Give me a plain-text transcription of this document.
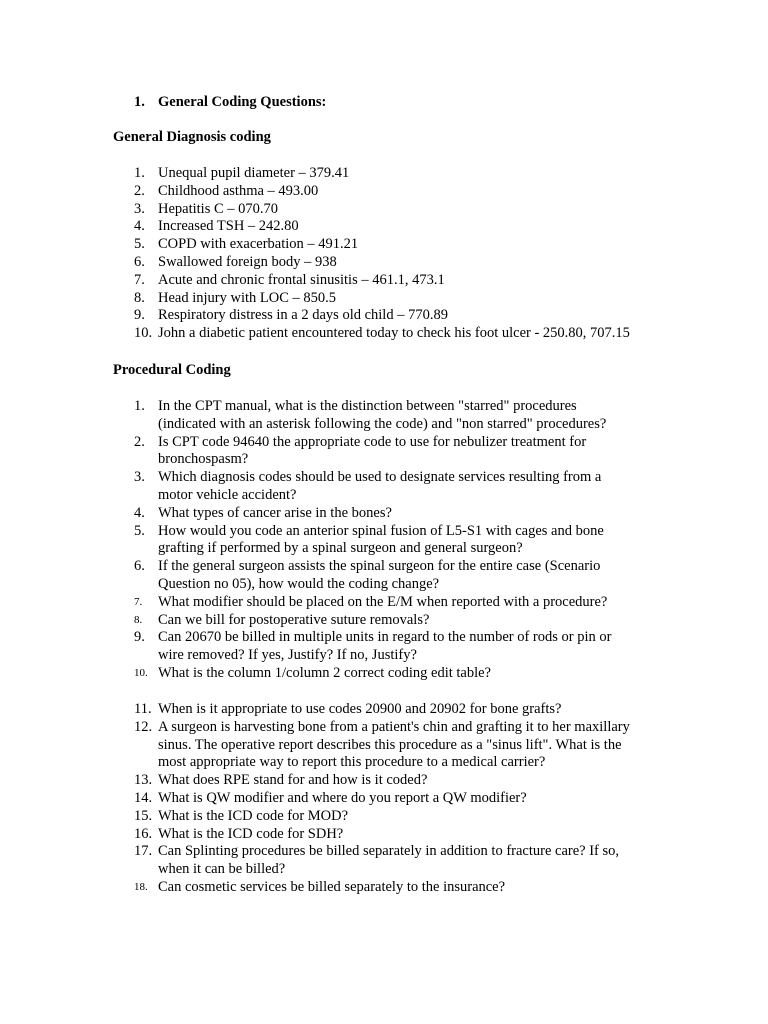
1. General Coding Questions:
General Diagnosis coding
1. Unequal pupil diameter – 379.41
2. Childhood asthma – 493.00
3. Hepatitis C – 070.70
4. Increased TSH – 242.80
5. COPD with exacerbation – 491.21
6. Swallowed foreign body – 938
7. Acute and chronic frontal sinusitis – 461.1, 473.1
8. Head injury with LOC – 850.5
9. Respiratory distress in a 2 days old child – 770.89
10. John a diabetic patient encountered today to check his foot ulcer - 250.80, 707.15
Procedural Coding
1. In the CPT manual, what is the distinction between "starred" procedures (indicated with an asterisk following the code) and "non starred" procedures?
2. Is CPT code 94640 the appropriate code to use for nebulizer treatment for bronchospasm?
3. Which diagnosis codes should be used to designate services resulting from a motor vehicle accident?
4. What types of cancer arise in the bones?
5. How would you code an anterior spinal fusion of L5-S1 with cages and bone grafting if performed by a spinal surgeon and general surgeon?
6. If the general surgeon assists the spinal surgeon for the entire case (Scenario Question no 05), how would the coding change?
7.	What modifier should be placed on the E/M when reported with a procedure?
8.	Can we bill for postoperative suture removals?
9. Can 20670 be billed in multiple units in regard to the number of rods or pin or wire removed? If yes, Justify? If no, Justify?
10. What is the column 1/column 2 correct coding edit table?
11. When is it appropriate to use codes 20900 and 20902 for bone grafts?
12. A surgeon is harvesting bone from a patient's chin and grafting it to her maxillary sinus. The operative report describes this procedure as a "sinus lift". What is the most appropriate way to report this procedure to a medical carrier?
13. What does RPE stand for and how is it coded?
14. What is QW modifier and where do you report a QW modifier?
15. What is the ICD code for MOD?
16. What is the ICD code for SDH?
17. Can Splinting procedures be billed separately in addition to fracture care? If so, when it can be billed?
18. Can cosmetic services be billed separately to the insurance?
